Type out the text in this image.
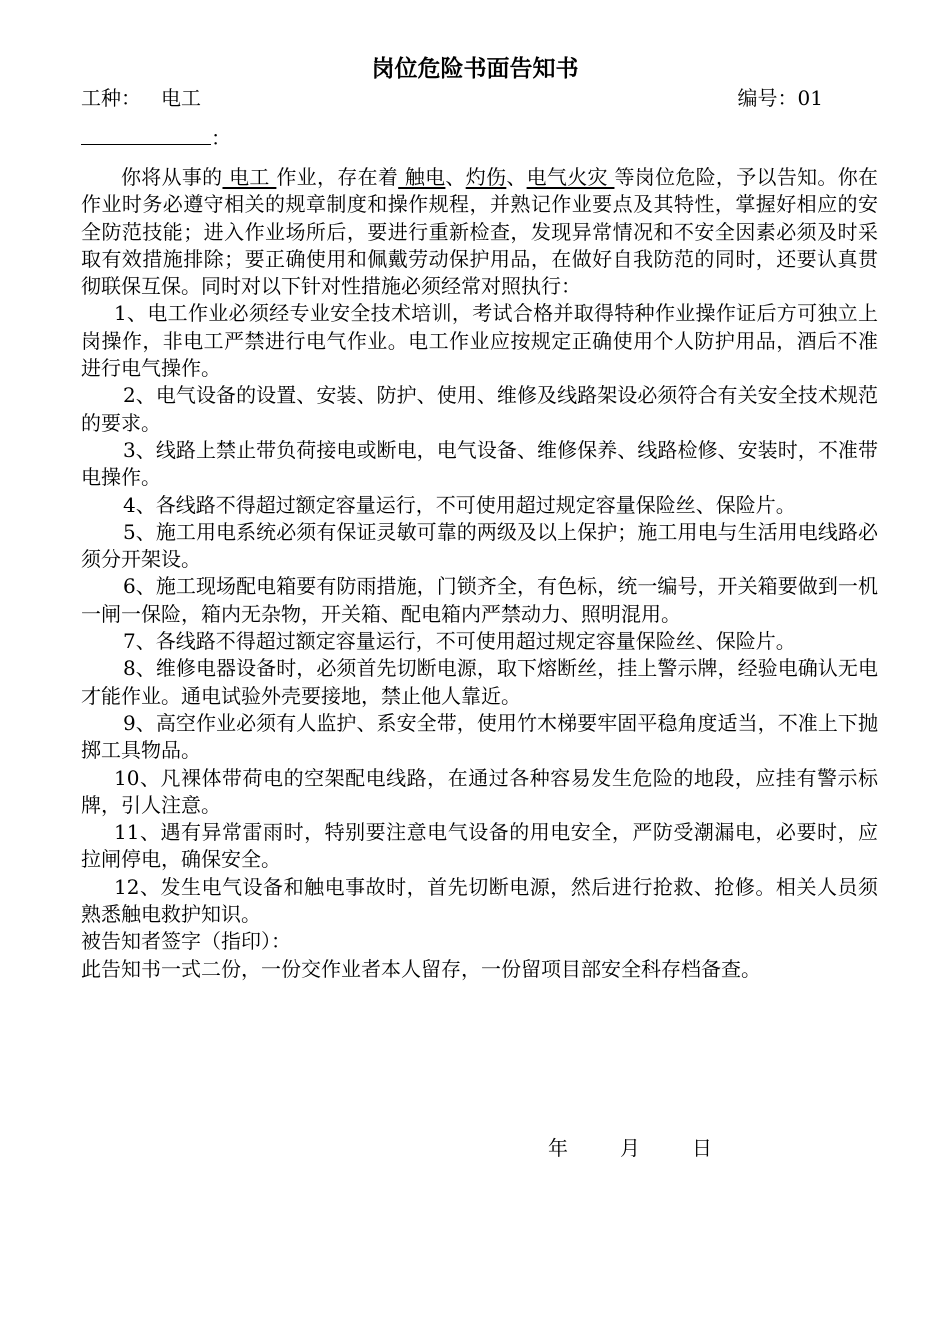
岗位危险书面告知书
工种： 电工	编号：01
：

你将从事的 电工 作业，存在着 触电、灼伤、电气火灾 等岗位危险，予以告知。你在作业时务必遵守相关的规章制度和操作规程，并熟记作业要点及其特性，掌握好相应的安全防范技能；进入作业场所后，要进行重新检查，发现异常情况和不安全因素必须及时采取有效措施排除；要正确使用和佩戴劳动保护用品，在做好自我防范的同时，还要认真贯彻联保互保。同时对以下针对性措施必须经常对照执行：

1、电工作业必须经专业安全技术培训，考试合格并取得特种作业操作证后方可独立上岗操作，非电工严禁进行电气作业。电工作业应按规定正确使用个人防护用品，酒后不准进行电气操作。

2、电气设备的设置、安装、防护、使用、维修及线路架设必须符合有关安全技术规范的要求。

3、线路上禁止带负荷接电或断电，电气设备、维修保养、线路检修、安装时，不准带电操作。

4、各线路不得超过额定容量运行，不可使用超过规定容量保险丝、保险片。

5、施工用电系统必须有保证灵敏可靠的两级及以上保护；施工用电与生活用电线路必须分开架设。

6、施工现场配电箱要有防雨措施，门锁齐全，有色标，统一编号，开关箱要做到一机一闸一保险，箱内无杂物，开关箱、配电箱内严禁动力、照明混用。

7、各线路不得超过额定容量运行，不可使用超过规定容量保险丝、保险片。

8、维修电器设备时，必须首先切断电源，取下熔断丝，挂上警示牌，经验电确认无电才能作业。通电试验外壳要接地，禁止他人靠近。

9、高空作业必须有人监护、系安全带，使用竹木梯要牢固平稳角度适当，不准上下抛掷工具物品。

10、凡裸体带荷电的空架配电线路，在通过各种容易发生危险的地段，应挂有警示标牌，引人注意。

11、遇有异常雷雨时，特别要注意电气设备的用电安全，严防受潮漏电，必要时，应拉闸停电，确保安全。

12、发生电气设备和触电事故时，首先切断电源，然后进行抢救、抢修。相关人员须熟悉触电救护知识。

被告知者签字（指印）：

此告知书一式二份，一份交作业者本人留存，一份留项目部安全科存档备查。

年	月	日
